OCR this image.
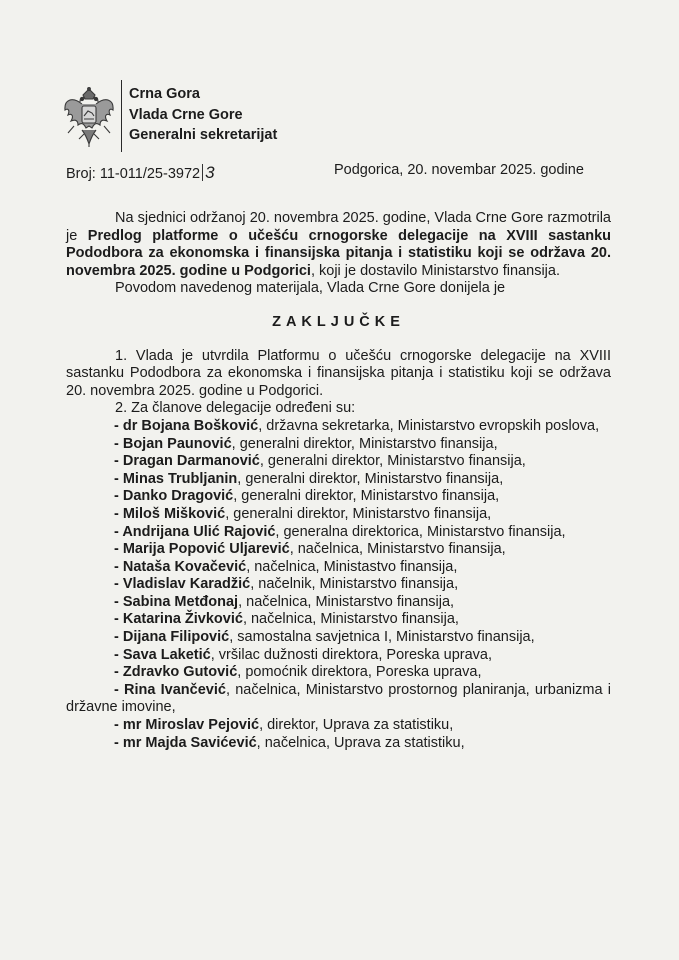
Crna Gora
Vlada Crne Gore
Generalni sekretarijat
Broj: 11-011/25-3972 3	Podgorica, 20. novembar 2025. godine

Na sjednici održanoj 20. novembra 2025. godine, Vlada Crne Gore razmotrila je Predlog platforme o učešću crnogorske delegacije na XVIII sastanku Pododbora za ekonomska i finansijska pitanja i statistiku koji se održava 20. novembra 2025. godine u Podgorici, koji je dostavilo Ministarstvo finansija.

Povodom navedenog materijala, Vlada Crne Gore donijela je

ZAKLJUČKE

1. Vlada je utvrdila Platformu o učešću crnogorske delegacije na XVIII sastanku Pododbora za ekonomska i finansijska pitanja i statistiku koji se održava 20. novembra 2025. godine u Podgorici.

2. Za članove delegacije određeni su:

- dr Bojana Bošković, državna sekretarka, Ministarstvo evropskih poslova,

- Bojan Paunović, generalni direktor, Ministarstvo finansija,

- Dragan Darmanović, generalni direktor, Ministarstvo finansija,

- Minas Trubljanin, generalni direktor, Ministarstvo finansija,

- Danko Dragović, generalni direktor, Ministarstvo finansija,

- Miloš Mišković, generalni direktor, Ministarstvo finansija,

- Andrijana Ulić Rajović, generalna direktorica, Ministarstvo finansija,

- Marija Popović Uljarević, načelnica, Ministarstvo finansija,

- Nataša Kovačević, načelnica, Ministastvo finansija,

- Vladislav Karadžić, načelnik, Ministarstvo finansija,

- Sabina Metđonaj, načelnica, Ministarstvo finansija,

- Katarina Živković, načelnica, Ministarstvo finansija,

- Dijana Filipović, samostalna savjetnica I, Ministarstvo finansija,

- Sava Laketić, vršilac dužnosti direktora, Poreska uprava,

- Zdravko Gutović, pomoćnik direktora, Poreska uprava,

- Rina Ivančević, načelnica, Ministarstvo prostornog planiranja, urbanizma i državne imovine,

- mr Miroslav Pejović, direktor, Uprava za statistiku,

- mr Majda Savićević, načelnica, Uprava za statistiku,
